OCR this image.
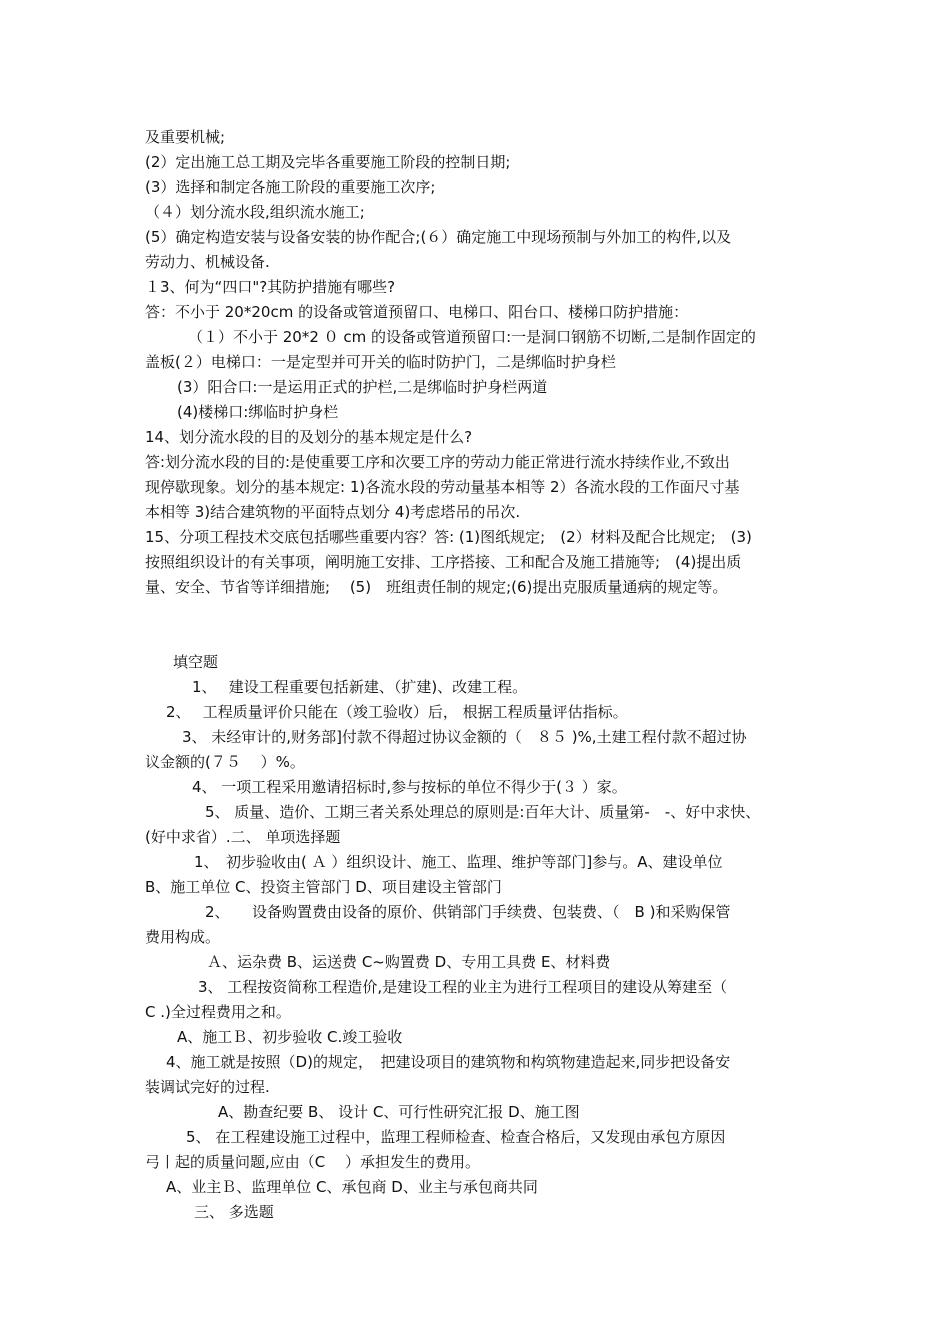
及重要机械;
(2）定出施工总工期及完毕各重要施工阶段的控制日期;
(3）选择和制定各施工阶段的重要施工次序;
（４）划分流水段,组织流水施工;
(5）确定构造安装与设备安装的协作配合;(６）确定施工中现场预制与外加工的构件,以及
劳动力、机械设备.
１3、何为“四口"?其防护措施有哪些?
答：不小于 20*20cm 的设备或管道预留口、电梯口、阳台口、楼梯口防护措施：
（１）不小于 20*2 ０ cm 的设备或管道预留口:一是洞口钢筋不切断,二是制作固定的
盖板(２）电梯口：一是定型并可开关的临时防护门，二是绑临时护身栏
(3）阳合口:一是运用正式的护栏,二是绑临时护身栏两道
(4)楼梯口:绑临时护身栏
14、划分流水段的目的及划分的基本规定是什么?
答:划分流水段的目的:是使重要工序和次要工序的劳动力能正常进行流水持续作业,不致出
现停歇现象。划分的基本规定: 1)各流水段的劳动量基本相等 2）各流水段的工作面尺寸基
本相等 3)结合建筑物的平面特点划分 4)考虑塔吊的吊次.
15、分项工程技术交底包括哪些重要内容？答: (1)图纸规定;　(2）材料及配合比规定;　(3)
按照组织设计的有关事项，阐明施工安排、工序搭接、工和配合及施工措施等;　(4)提出质
量、安全、节省等详细措施;　 (5)　班组责任制的规定;(6)提出克服质量通病的规定等。
填空题
1、　 建设工程重要包括新建、（扩建)、改建工程。
2、　 工程质量评价只能在（竣工验收）后， 根据工程质量评估指标。
3、 未经审计的,财务部]付款不得超过协议金额的（　８５ )%,土建工程付款不超过协
议金额的(７５　 ）%。
4、 一项工程采用邀请招标时,参与按标的单位不得少于(３ ）家。
5、 质量、造价、工期三者关系处理总的原则是:百年大计、质量第-　-、好中求快、
(好中求省）.二、 单项选择题
1、　初步验收由( Ａ ）组织设计、施工、监理、维护等部门]参与。A、建设单位
B、施工单位 C、投资主管部门 D、项目建设主管部门
2、　　设备购置费由设备的原价、供销部门手续费、包装费、（　B )和采购保管
费用构成。
Ａ、运杂费 B、运送费 C~购置费 D、专用工具费 E、材料费
3、 工程按资简称工程造价,是建设工程的业主为进行工程项目的建设从筹建至（
C .)全过程费用之和。
A、施工Ｂ、初步验收 C.竣工验收
4、施工就是按照（D)的规定，　把建设项目的建筑物和构筑物建造起来,同步把设备安
装调试完好的过程.
A、勘查纪要 B、 设计 C、可行性研究汇报 D、施工图
5、 在工程建设施工过程中，监理工程师检查、检查合格后，又发现由承包方原因
弓丨起的质量问题,应由（C　 ）承担发生的费用。
A、业主Ｂ、监理单位 C、承包商 D、业主与承包商共同
三、 多选题
